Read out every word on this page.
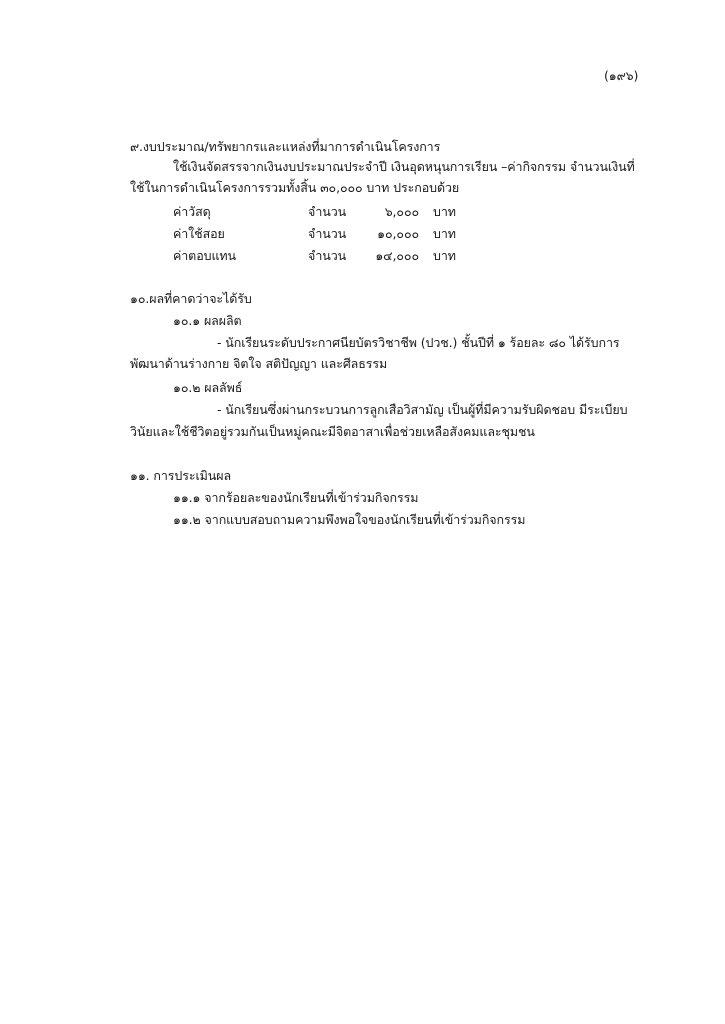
(๑๙๖)
๙.งบประมาณ/ทรัพยากรและแหล่งที่มาการดำเนินโครงการ
ใช้เงินจัดสรรจากเงินงบประมาณประจำปี เงินอุดหนุนการเรียน –ค่ากิจกรรม จำนวนเงินที่
ใช้ในการดำเนินโครงการรวมทั้งสิ้น ๓๐,๐๐๐ บาท ประกอบด้วย
ค่าวัสดุ	จำนวน	๖,๐๐๐ บาท
ค่าใช้สอย	จำนวน	๑๐,๐๐๐ บาท
ค่าตอบแทน	จำนวน	๑๔,๐๐๐ บาท
๑๐.ผลที่คาดว่าจะได้รับ
๑๐.๑ ผลผลิต
- นักเรียนระดับประกาศนียบัตรวิชาชีพ (ปวช.) ชั้นปีที่ ๑ ร้อยละ ๘๐ ได้รับการ
พัฒนาด้านร่างกาย จิตใจ สติปัญญา และศีลธรรม
๑๐.๒ ผลลัพธ์
- นักเรียนซึ่งผ่านกระบวนการลูกเสือวิสามัญ เป็นผู้ที่มีความรับผิดชอบ มีระเบียบ
วินัยและใช้ชีวิตอยู่รวมกันเป็นหมู่คณะมีจิตอาสาเพื่อช่วยเหลือสังคมและชุมชน
๑๑. การประเมินผล
๑๑.๑ จากร้อยละของนักเรียนที่เข้าร่วมกิจกรรม
๑๑.๒ จากแบบสอบถามความพึงพอใจของนักเรียนที่เข้าร่วมกิจกรรม
